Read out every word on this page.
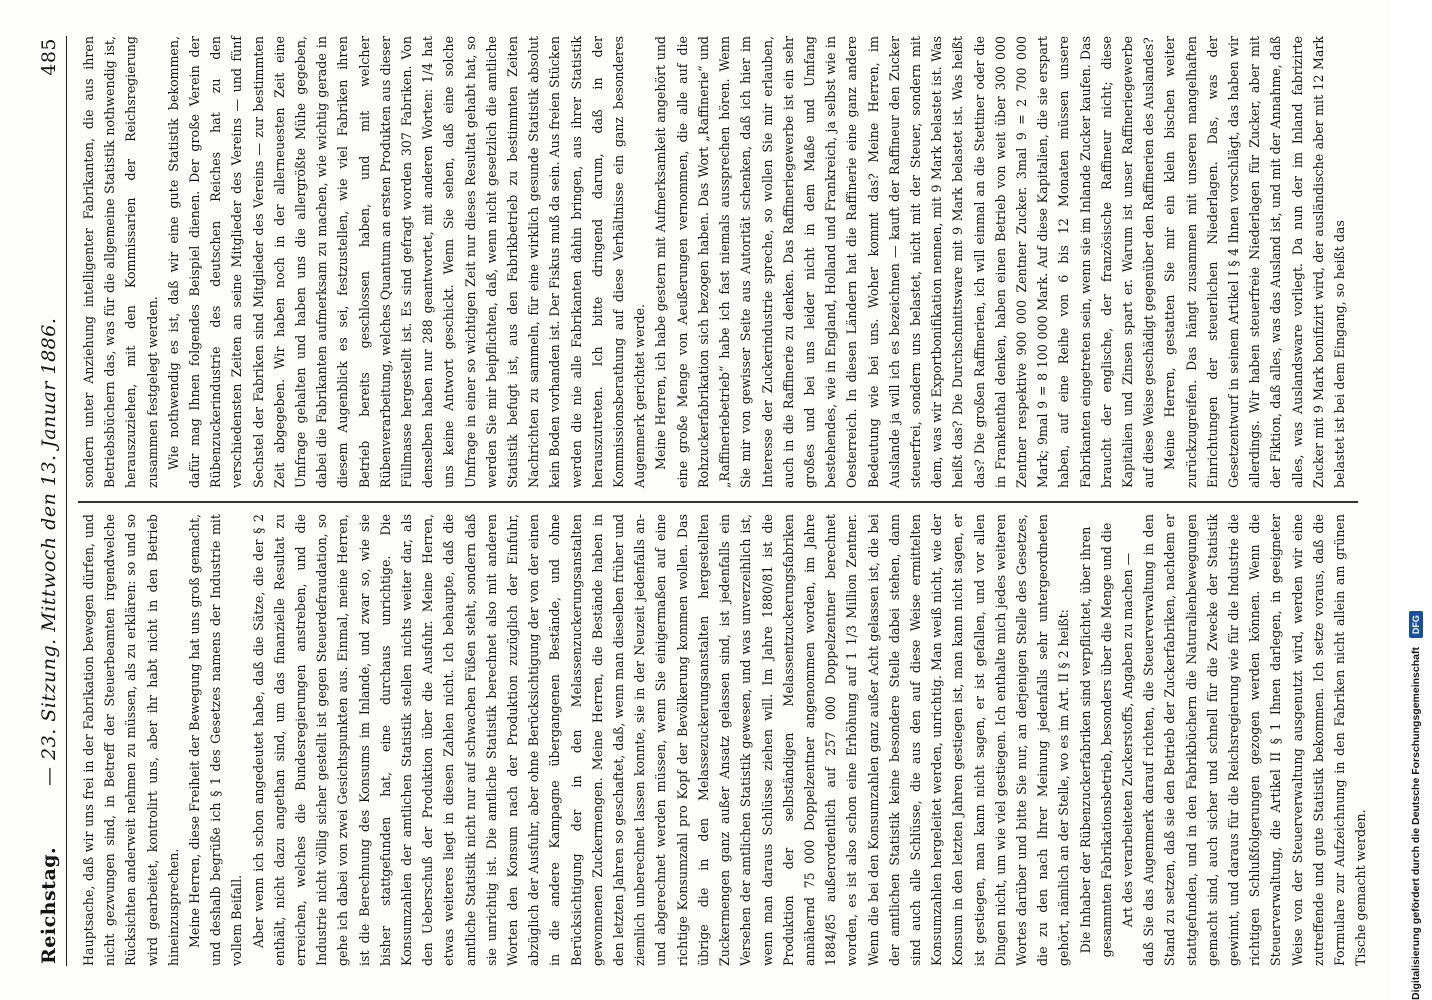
Reichstag.
— 23. Sitzung. Mittwoch den 13. Januar 1886.
485

Hauptsache, daß wir uns frei in der Fabrikation bewegen dürfen, und nicht gezwungen sind, in Betreff der Steuerbeamten irgendwelche Rücksichten anderweit nehmen zu müssen, als zu erklären: so und so wird gearbeitet, kontrolirt uns, aber ihr habt nicht in den Betrieb hineinzusprechen. Meine Herren, diese Freiheit der Bewegung hat uns groß gemacht, und deshalb begrüße ich § 1 des Gesetzes namens der Industrie mit vollem Beifall. Aber wenn ich schon angedeutet habe, daß die Sätze, die der § 2 enthält, nicht dazu angethan sind, um das finanzielle Resultat zu erreichen, welches die Bundesregierungen anstreben, und die Industrie nicht völlig sicher gestellt ist gegen Steuerdefraudation, so gehe ich dabei von zwei Gesichtspunkten aus. Einmal, meine Herren, ist die Berechnung des Konsums im Inlande, und zwar so, wie sie bisher stattgefunden hat, eine durchaus unrichtige. Die Konsumzahlen der amtlichen Statistik stellen nichts weiter dar, als den Ueberschuß der Produktion über die Ausfuhr. Meine Herren, etwas weiteres liegt in diesen Zahlen nicht. Ich behaupte, daß die amtliche Statistik nicht nur auf schwachen Füßen steht, sondern daß sie unrichtig ist. Die amtliche Statistik berechnet also mit anderen Worten den Konsum nach der Produktion zuzüglich der Einfuhr, abzüglich der Ausfuhr, aber ohne Berücksichtigung der von der einen in die andere Kampagne übergangenen Bestände, und ohne Berücksichtigung der in den Melassenzuckerungsanstalten gewonnenen Zuckermengen. Meine Herren, die Bestände haben in den letzten Jahren so geschaftet, daß, wenn man dieselben früher und ziemlich unberechnet lassen konnte, sie in der Neuzeit jedenfalls an- und abgerechnet werden müssen, wenn Sie einigermaßen auf eine richtige Konsumzahl pro Kopf der Bevölkerung kommen wollen. Das übrige die in den Melassezuckerungsanstalten hergestellten Zuckermengen ganz außer Ansatz gelassen sind, ist jedenfalls ein Versehen der amtlichen Statistik gewesen, und was unverzeihlich ist, wenn man daraus Schlüsse ziehen will. Im Jahre 1880/81 ist die Produktion der selbständigen Melassentzuckerungsfabriken annähernd 75 000 Doppelzentner angenommen worden, im Jahre 1884/85 außerordentlich auf 257 000 Doppelzentner berechnet worden, es ist also schon eine Erhöhung auf 1 1/3 Million Zentner. Wenn die bei den Konsumzahlen ganz außer Acht gelassen ist, die bei der amtlichen Statistik keine besondere Stelle dabei stehen, dann sind auch alle Schlüsse, die aus den auf diese Weise ermittelten Konsumzahlen hergeleitet werden, unrichtig. Man weiß nicht, wie der Konsum in den letzten Jahren gestiegen ist, man kann nicht sagen, er ist gestiegen, man kann nicht sagen, er ist gefallen, und vor allen Dingen nicht, um wie viel gestiegen. Ich enthalte mich jedes weiteren Wortes darüber und bitte Sie nur, an derjenigen Stelle des Gesetzes, die zu den nach Ihrer Meinung jedenfalls sehr untergeordneten gehört, nämlich an der Stelle, wo es im Art. II § 2 heißt: Die Inhaber der Rübenzuckerfabriken sind verpflichtet, über ihren gesammten Fabrikationsbetrieb, besonders über die Menge und die Art des verarbeiteten Zuckerstoffs, Angaben zu machen — daß Sie das Augenmerk darauf richten, die Steuerverwaltung in den Stand zu setzen, daß sie den Betrieb der Zuckerfabriken, nachdem er stattgefunden, und in den Fabrikbüchern die Naturalienbewegungen gemacht sind, auch sicher und schnell für die Zwecke der Statistik gewinnt, und daraus für die Reichsregierung wie für die Industrie die richtigen Schlußfolgerungen gezogen werden können. Wenn die Steuerverwaltung, die Artikel II § 1 Ihnen darlegen, in geeigneter Weise von der Steuerverwaltung ausgenutzt wird, werden wir eine zutreffende und gute Statistik bekommen. Ich setze voraus, daß die Formulare zur Aufzeichnung in den Fabriken nicht allein am grünen Tische gemacht werden.

sondern unter Anziehung intelligenter Fabrikanten, die aus ihren Betriebsbüchern das, was für die allgemeine Statistik nothwendig ist, herauszuziehen, mit den Kommissarien der Reichsregierung zusammen festgelegt werden. Wie nothwendig es ist, daß wir eine gute Statistik bekommen, dafür mag Ihnen folgendes Beispiel dienen. Der große Verein der Rübenzuckerindustrie des deutschen Reiches hat zu den verschiedensten Zeiten an seine Mitglieder des Vereins — und fünf Sechstel der Fabriken sind Mitglieder des Vereins — zur bestimmten Zeit abgegeben. Wir haben noch in der allerneuesten Zeit eine Umfrage gehalten und haben uns die allergrößte Mühe gegeben, dabei die Fabrikanten aufmerksam zu machen, wie wichtig gerade in diesem Augenblick es sei, festzustellen, wie viel Fabriken ihren Betrieb bereits geschlossen haben, und mit welcher Rübenverarbeitung, welches Quantum an ersten Produkten aus dieser Füllmasse hergestellt ist. Es sind gefragt worden 307 Fabriken. Von denselben haben nur 288 geantwortet, mit anderen Worten: 1/4 hat uns keine Antwort geschickt. Wenn Sie sehen, daß eine solche Umfrage in einer so wichtigen Zeit nur dieses Resultat gehabt hat, so werden Sie mir beipflichten, daß, wenn nicht gesetzlich die amtliche Statistik befugt ist, aus den Fabrikbetrieb zu bestimmten Zeiten Nachrichten zu sammeln, für eine wirklich gesunde Statistik absolut kein Boden vorhanden ist. Der Fiskus muß da sein. Aus freien Stücken werden die nie alle Fabrikanten dahin bringen, aus ihrer Statistik herauszutreten. Ich bitte dringend darum, daß in der Kommissionsberathung auf diese Verhältnisse ein ganz besonderes Augenmerk gerichtet werde. Meine Herren, ich habe gestern mit Aufmerksamkeit angehört und eine große Menge von Aeußerungen vernommen, die alle auf die Rohzuckerfabrikation sich bezogen haben. Das Wort „Raffinerie“ und „Raffineriebetrieb“ habe ich fast niemals aussprechen hören. Wenn Sie mir von gewisser Seite aus Autorität schenken, daß ich hier im Interesse der Zuckerindustrie spreche, so wollen Sie mir erlauben, auch in die Raffinerie zu denken. Das Raffineriegewerbe ist ein sehr großes und bei uns leider nicht in dem Maße und Umfang bestehendes, wie in England, Holland und Frankreich, ja selbst wie in Oesterreich. In diesen Ländern hat die Raffinerie eine ganz andere Bedeutung wie bei uns. Woher kommt das? Meine Herren, im Auslande ja will ich es bezeichnen — kauft der Raffineur den Zucker steuerfrei, sondern uns belastet, nicht mit der Steuer, sondern mit dem, was wir Exportbonifikation nennen, mit 9 Mark belastet ist. Was heißt das? Die Durchschnittsware mit 9 Mark belastet ist. Was heißt das? Die großen Raffinerien, ich will einmal an die Stettiner oder die in Frankenthal denken, haben einen Betrieb von weit über 300 000 Zentner respektive 900 000 Zentner Zucker. 3mal 9 = 2 700 000 Mark; 9mal 9 = 8 100 000 Mark. Auf diese Kapitalien, die sie erspart haben, auf eine Reihe von 6 bis 12 Monaten müssen unsere Fabrikanten eingetreten sein, wenn sie im Inlande Zucker kaufen. Das braucht der englische, der französische Raffineur nicht; diese Kapitalien und Zinsen spart er. Warum ist unser Raffineriegewerbe auf diese Weise geschädigt gegenüber den Raffinerien des Auslandes? Meine Herren, gestatten Sie mir ein klein bischen weiter zurückzugreifen. Das hängt zusammen mit unseren mangelhaften Einrichtungen der steuerlichen Niederlagen. Das, was der Gesetzentwurf in seinem Artikel I § 4 Ihnen vorschlägt, das haben wir allerdings. Wir haben steuerfreie Niederlagen für Zucker, aber mit der Fiktion, daß alles, was das Ausland ist, und mit der Annahme, daß alles, was Auslandsware vorliegt. Da nun der im Inland fabrizirte Zucker mit 9 Mark bonifizirt wird, der ausländische aber mit 12 Mark belastet ist bei dem Eingang, so heißt das

Digitalisierung gefördert durch die Deutsche Forschungsgemeinschaft DFG
